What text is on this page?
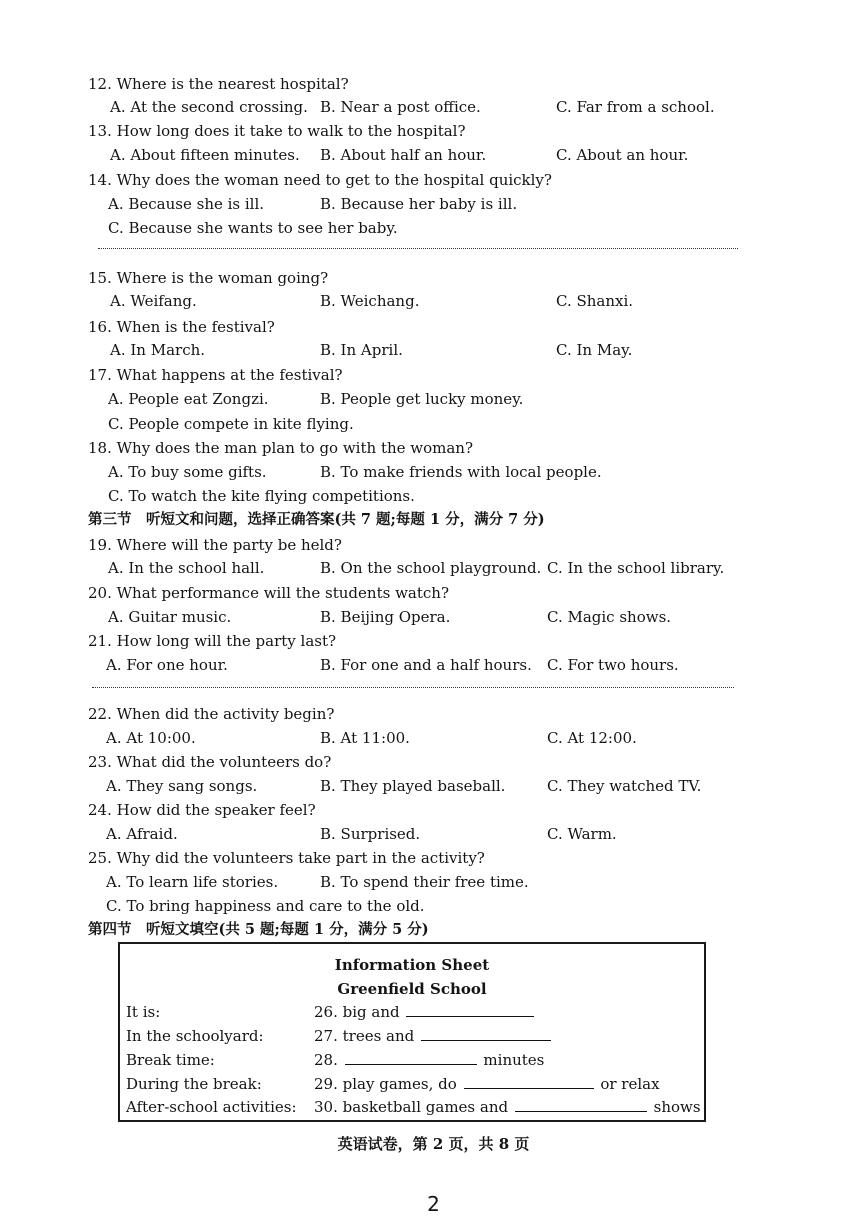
12. Where is the nearest hospital?
A. At the second crossing. B. Near a post office.	C. Far from a school.
13. How long does it take to walk to the hospital?
A. About fifteen minutes. B. About half an hour.	C. About an hour.
14. Why does the woman need to get to the hospital quickly?
A. Because she is ill.	B. Because her baby is ill.
C. Because she wants to see her baby.
15. Where is the woman going?
A. Weifang.	B. Weichang.	C. Shanxi.
16. When is the festival?
A. In March.	B. In April.	C. In May.
17. What happens at the festival?
A. People eat Zongzi.	B. People get lucky money.
C. People compete in kite flying.
18. Why does the man plan to go with the woman?
A. To buy some gifts.	B. To make friends with local people.
C. To watch the kite flying competitions.
第三节　听短文和问题，选择正确答案(共 7 题;每题 1 分，满分 7 分)
19. Where will the party be held?
A. In the school hall.	B. On the school playground. C. In the school library.
20. What performance will the students watch?
A. Guitar music.	B. Beijing Opera.	C. Magic shows.
21. How long will the party last?
A. For one hour.	B. For one and a half hours. C. For two hours.
22. When did the activity begin?
A. At 10:00.	B. At 11:00.	C. At 12:00.
23. What did the volunteers do?
A. They sang songs.	B. They played baseball.	C. They watched TV.
24. How did the speaker feel?
A. Afraid.	B. Surprised.	C. Warm.
25. Why did the volunteers take part in the activity?
A. To learn life stories.	B. To spend their free time.
C. To bring happiness and care to the old.
第四节　听短文填空(共 5 题;每题 1 分，满分 5 分)
Information Sheet
Greenfield School
It is:	26. big and
In the schoolyard:	27. trees and
Break time:	28.	minutes
During the break:	29. play games, do	or relax
After-school activities: 30. basketball games and	shows
英语试卷，第 2 页，共 8 页
2
